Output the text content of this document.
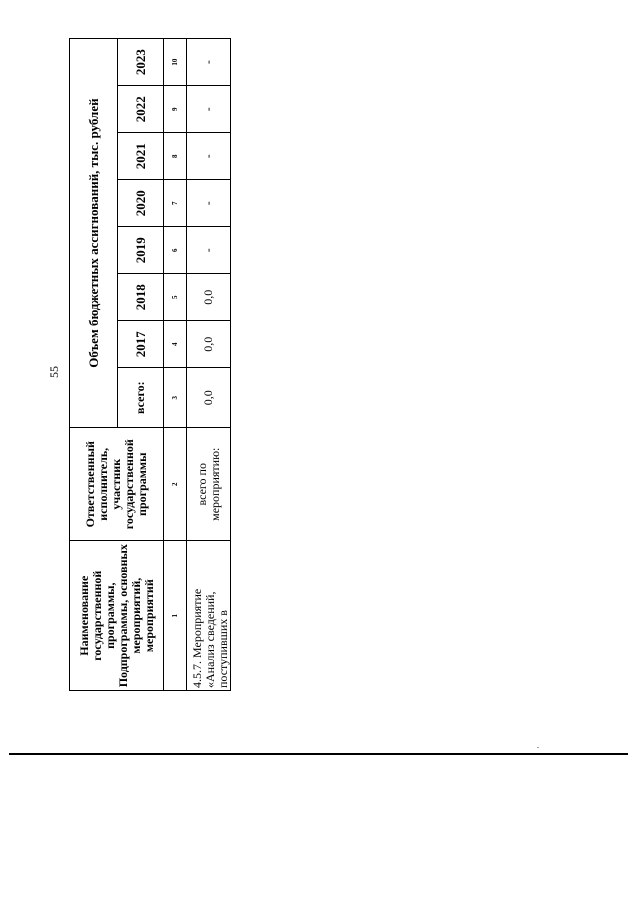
55
Наименование государственной программы, Подпрограммы, основных мероприятий, мероприятий	Ответственный исполнитель, участник государственной программы	Объем бюджетных ассигнований, тыс. рублей							
		всего:	2017	2018	2019	2020	2021	2022	2023
1	2	3	4	5	6	7	8	9	10
4.5.7. Мероприятие «Анализ сведений, поступивших в	всего по мероприятию:	0,0	0,0	0,0	-	-	-	-	-
